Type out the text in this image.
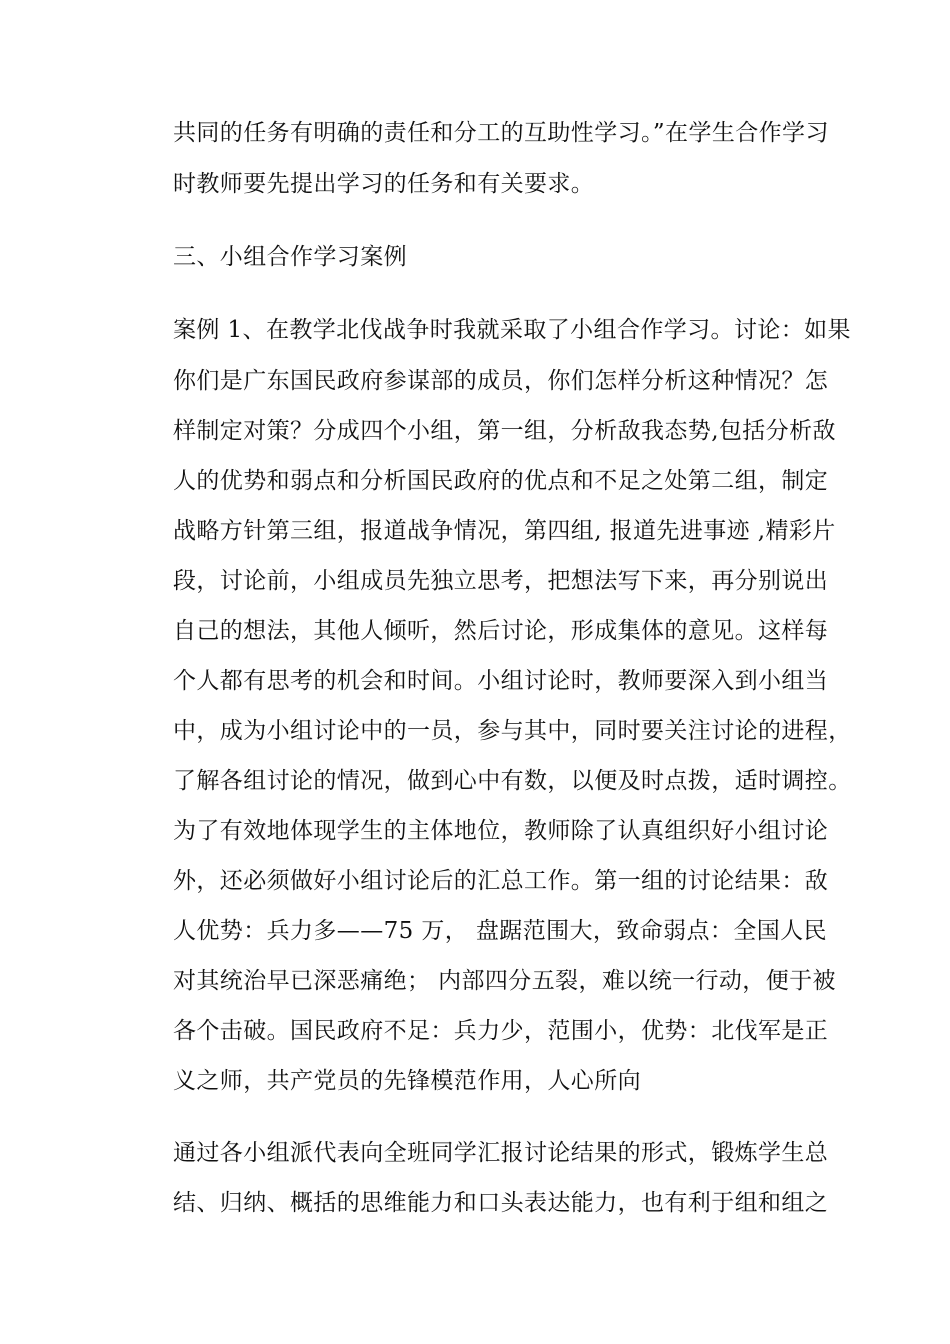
共同的任务有明确的责任和分工的互助性学习。”在学生合作学习
时教师要先提出学习的任务和有关要求。
三、小组合作学习案例
案例 1、在教学北伐战争时我就采取了小组合作学习。讨论：如果
你们是广东国民政府参谋部的成员，你们怎样分析这种情况？怎
样制定对策？分成四个小组，第一组，分析敌我态势,包括分析敌
人的优势和弱点和分析国民政府的优点和不足之处第二组，制定
战略方针第三组，报道战争情况，第四组, 报道先进事迹 ,精彩片
段，讨论前，小组成员先独立思考，把想法写下来，再分别说出
自己的想法，其他人倾听，然后讨论，形成集体的意见。这样每
个人都有思考的机会和时间。小组讨论时，教师要深入到小组当
中，成为小组讨论中的一员，参与其中，同时要关注讨论的进程，
了解各组讨论的情况，做到心中有数，以便及时点拨，适时调控。
为了有效地体现学生的主体地位，教师除了认真组织好小组讨论
外，还必须做好小组讨论后的汇总工作。第一组的讨论结果：敌
人优势：兵力多——75 万， 盘踞范围大，致命弱点：全国人民
对其统治早已深恶痛绝； 内部四分五裂，难以统一行动，便于被
各个击破。国民政府不足：兵力少，范围小，优势：北伐军是正
义之师，共产党员的先锋模范作用，人心所向
通过各小组派代表向全班同学汇报讨论结果的形式，锻炼学生总
结、归纳、概括的思维能力和口头表达能力，也有利于组和组之
